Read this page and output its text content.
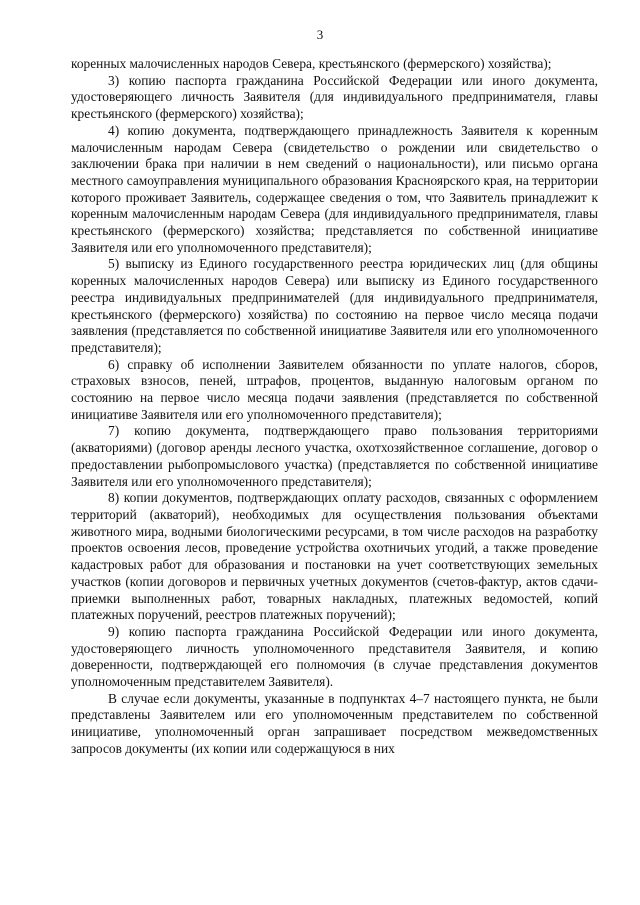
3

коренных малочисленных народов Севера, крестьянского (фермерского) хозяйства);

3) копию паспорта гражданина Российской Федерации или иного документа, удостоверяющего личность Заявителя (для индивидуального предпринимателя, главы крестьянского (фермерского) хозяйства);

4) копию документа, подтверждающего принадлежность Заявителя к коренным малочисленным народам Севера (свидетельство о рождении или свидетельство о заключении брака при наличии в нем сведений о национальности), или письмо органа местного самоуправления муниципального образования Красноярского края, на территории которого проживает Заявитель, содержащее сведения о том, что Заявитель принадлежит к коренным малочисленным народам Севера (для индивидуального предпринимателя, главы крестьянского (фермерского) хозяйства; представляется по собственной инициативе Заявителя или его уполномоченного представителя);

5) выписку из Единого государственного реестра юридических лиц (для общины коренных малочисленных народов Севера) или выписку из Единого государственного реестра индивидуальных предпринимателей (для индивидуального предпринимателя, крестьянского (фермерского) хозяйства) по состоянию на первое число месяца подачи заявления (представляется по собственной инициативе Заявителя или его уполномоченного представителя);

6) справку об исполнении Заявителем обязанности по уплате налогов, сборов, страховых взносов, пеней, штрафов, процентов, выданную налоговым органом по состоянию на первое число месяца подачи заявления (представляется по собственной инициативе Заявителя или его уполномоченного представителя);

7) копию документа, подтверждающего право пользования территориями (акваториями) (договор аренды лесного участка, охотхозяйственное соглашение, договор о предоставлении рыбопромыслового участка) (представляется по собственной инициативе Заявителя или его уполномоченного представителя);

8) копии документов, подтверждающих оплату расходов, связанных с оформлением территорий (акваторий), необходимых для осуществления пользования объектами животного мира, водными биологическими ресурсами, в том числе расходов на разработку проектов освоения лесов, проведение устройства охотничьих угодий, а также проведение кадастровых работ для образования и постановки на учет соответствующих земельных участков (копии договоров и первичных учетных документов (счетов-фактур, актов сдачи-приемки выполненных работ, товарных накладных, платежных ведомостей, копий платежных поручений, реестров платежных поручений);

9) копию паспорта гражданина Российской Федерации или иного документа, удостоверяющего личность уполномоченного представителя Заявителя, и копию доверенности, подтверждающей его полномочия (в случае представления документов уполномоченным представителем Заявителя).

В случае если документы, указанные в подпунктах 4–7 настоящего пункта, не были представлены Заявителем или его уполномоченным представителем по собственной инициативе, уполномоченный орган запрашивает посредством межведомственных запросов документы (их копии или содержащуюся в них
